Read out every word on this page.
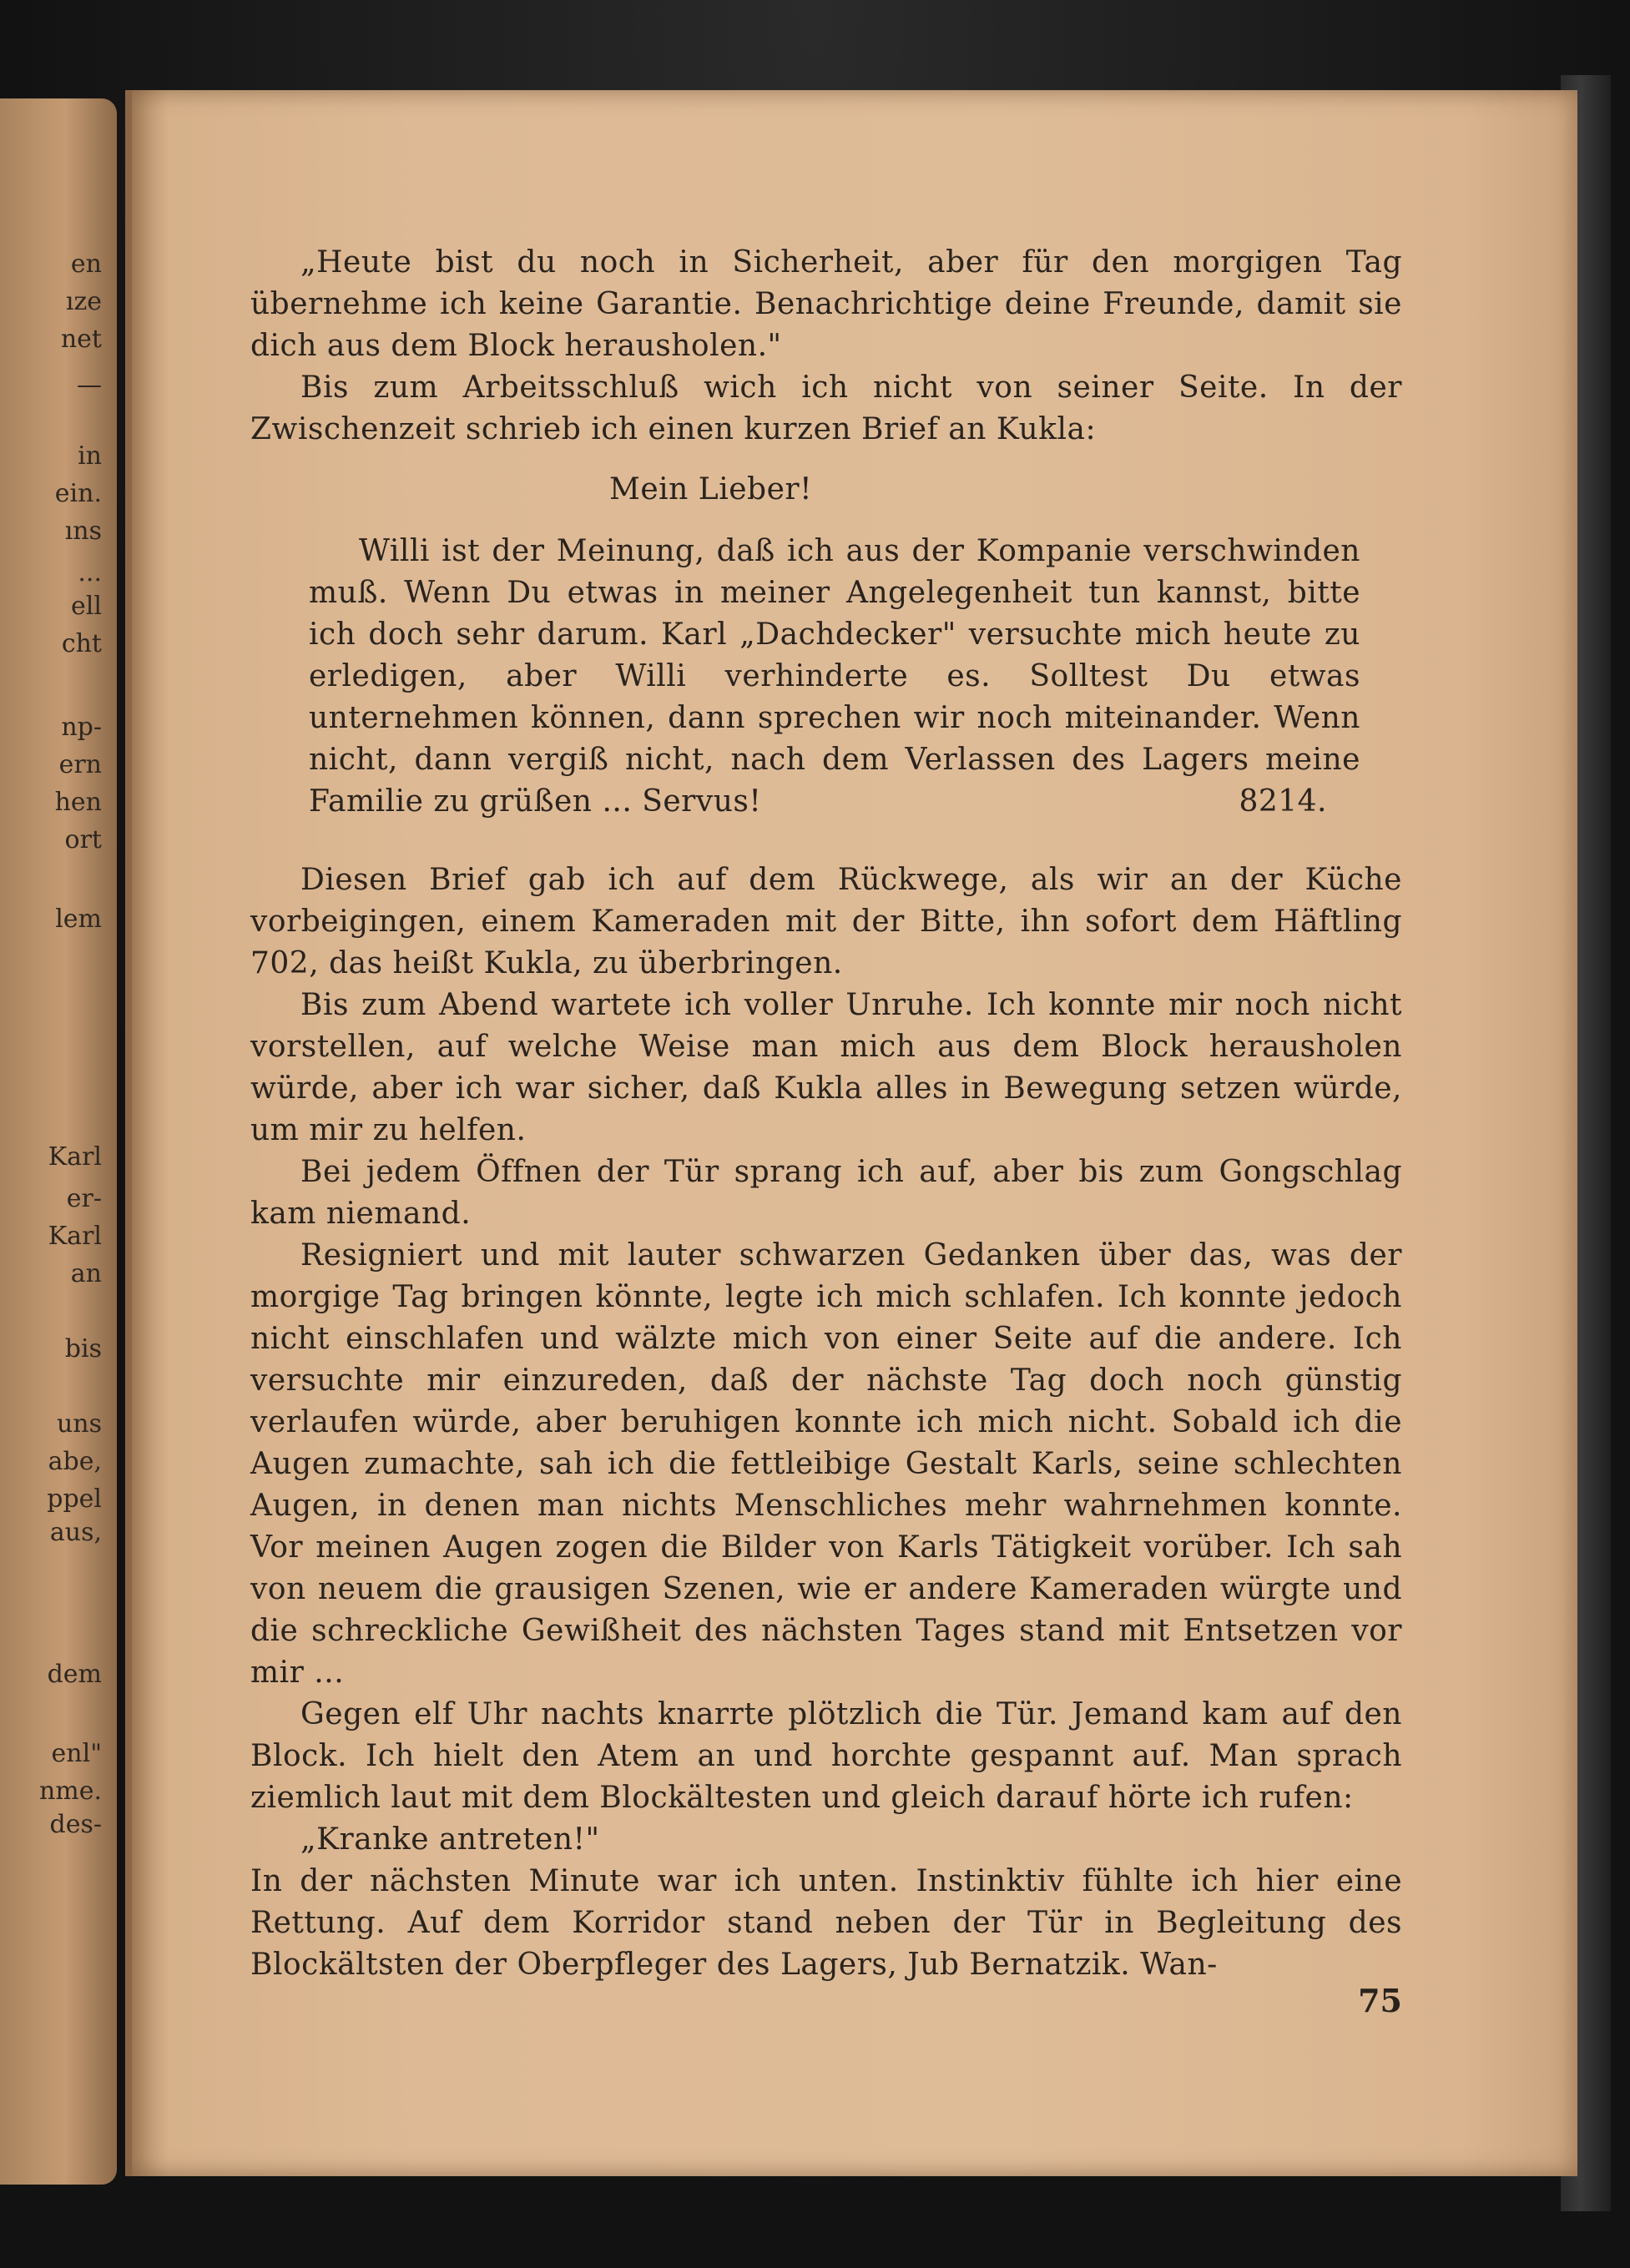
en
ıze
net
—
in
ein.
ıns
...
ell
cht
np-
ern
hen
ort
lem
Karl
er-
Karl
an
bis
uns
abe,
ppel
aus,
dem
enl"
nme.
des-

„Heute bist du noch in Sicherheit, aber für den morgigen Tag übernehme ich keine Garantie. Benachrichtige deine Freunde, damit sie dich aus dem Block herausholen."

Bis zum Arbeitsschluß wich ich nicht von seiner Seite. In der Zwischenzeit schrieb ich einen kurzen Brief an Kukla:

Mein Lieber!

Willi ist der Meinung, daß ich aus der Kompanie verschwinden muß. Wenn Du etwas in meiner Angelegenheit tun kannst, bitte ich doch sehr darum. Karl „Dachdecker" versuchte mich heute zu erledigen, aber Willi verhinderte es. Solltest Du etwas unternehmen können, dann sprechen wir noch miteinander. Wenn nicht, dann vergiß nicht, nach dem Verlassen des Lagers meine

Familie zu grüßen ... Servus!	8214.

Diesen Brief gab ich auf dem Rückwege, als wir an der Küche vorbeigingen, einem Kameraden mit der Bitte, ihn sofort dem Häftling 702, das heißt Kukla, zu überbringen.

Bis zum Abend wartete ich voller Unruhe. Ich konnte mir noch nicht vorstellen, auf welche Weise man mich aus dem Block herausholen würde, aber ich war sicher, daß Kukla alles in Bewegung setzen würde, um mir zu helfen.

Bei jedem Öffnen der Tür sprang ich auf, aber bis zum Gongschlag kam niemand.

Resigniert und mit lauter schwarzen Gedanken über das, was der morgige Tag bringen könnte, legte ich mich schlafen. Ich konnte jedoch nicht einschlafen und wälzte mich von einer Seite auf die andere. Ich versuchte mir einzureden, daß der nächste Tag doch noch günstig verlaufen würde, aber beruhigen konnte ich mich nicht. Sobald ich die Augen zumachte, sah ich die fettleibige Gestalt Karls, seine schlechten Augen, in denen man nichts Menschliches mehr wahrnehmen konnte. Vor meinen Augen zogen die Bilder von Karls Tätigkeit vorüber. Ich sah von neuem die grausigen Szenen, wie er andere Kameraden würgte und die schreckliche Gewißheit des nächsten Tages stand mit Entsetzen vor mir ...

Gegen elf Uhr nachts knarrte plötzlich die Tür. Jemand kam auf den Block. Ich hielt den Atem an und horchte gespannt auf. Man sprach ziemlich laut mit dem Blockältesten und gleich darauf hörte ich rufen:

„Kranke antreten!"

In der nächsten Minute war ich unten. Instinktiv fühlte ich hier eine Rettung. Auf dem Korridor stand neben der Tür in Begleitung des Blockältsten der Oberpfleger des Lagers, Jub Bernatzik. Wan-

75
